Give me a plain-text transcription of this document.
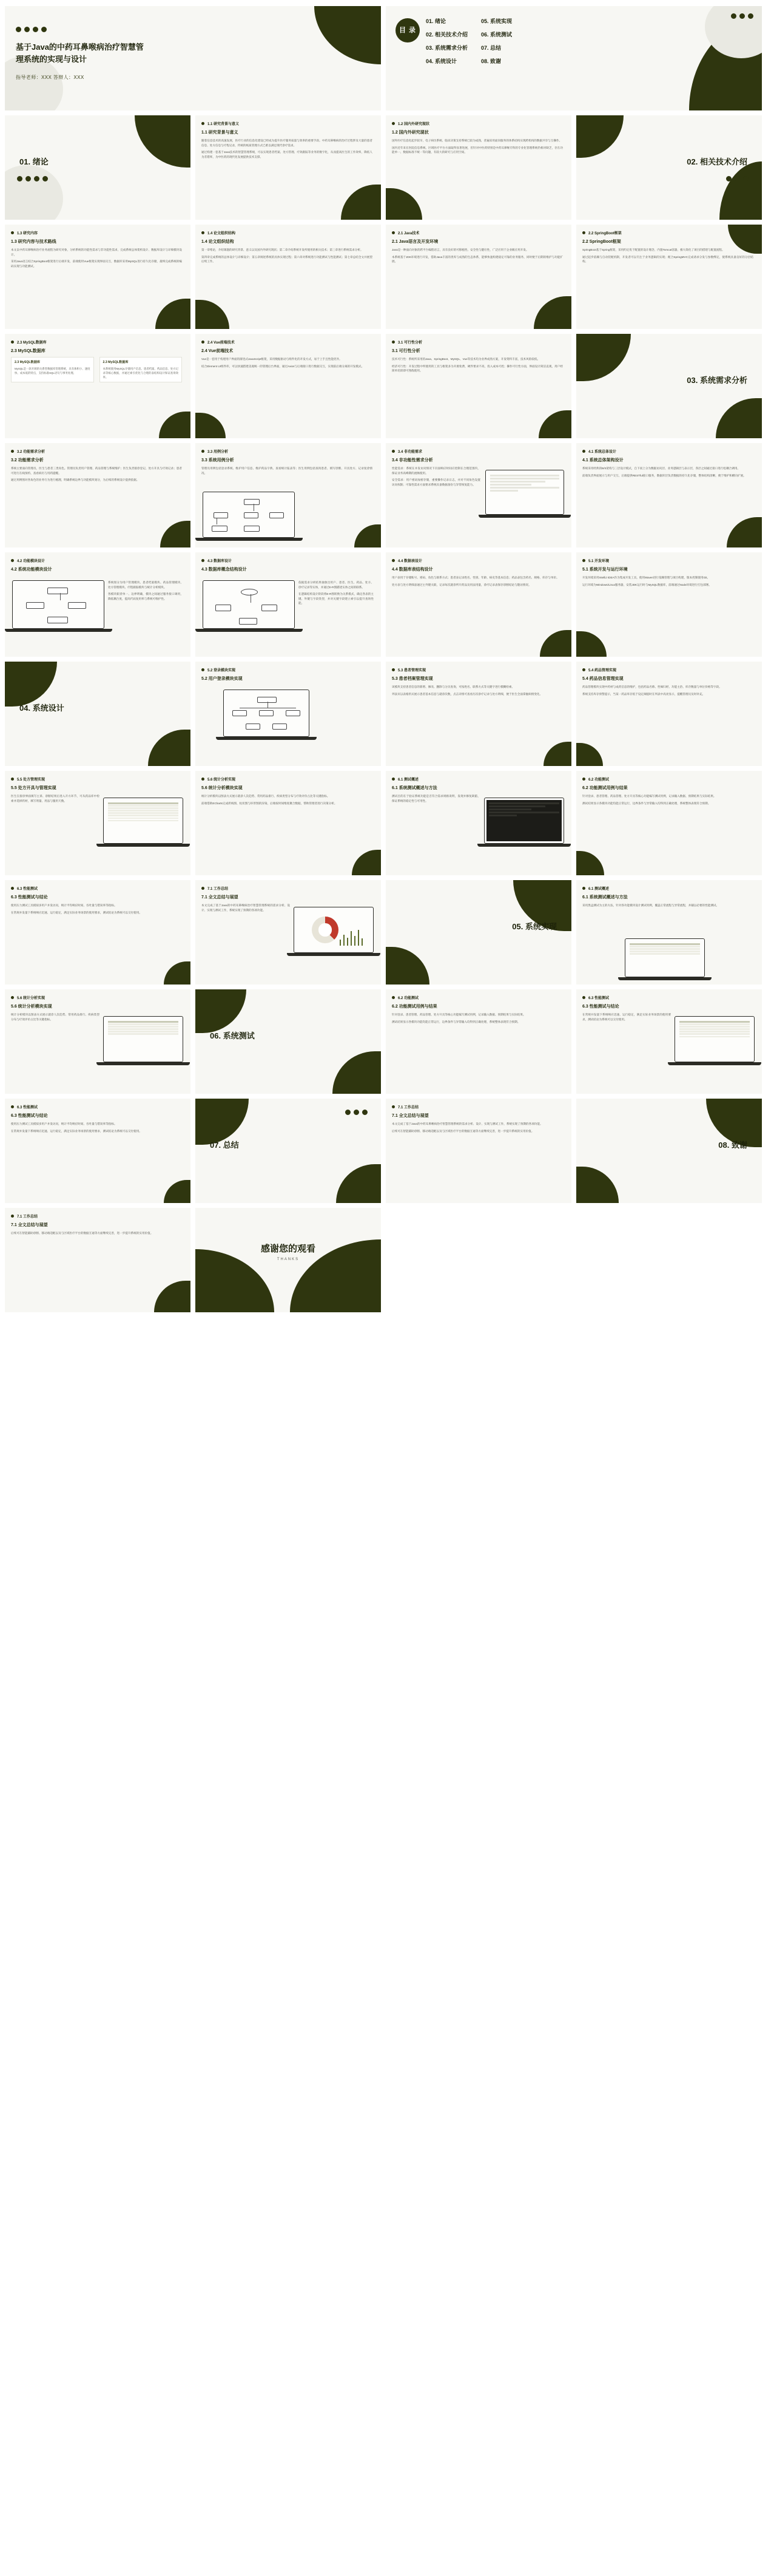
基于Java的中药耳鼻喉病治疗智慧管理系统的实现与设计
指导老师：XXX 答辩人：XXX
目 录
01. 绪论
02. 相关技术介绍
03. 系统需求分析
04. 系统设计
05. 系统实现
06. 系统测试
07. 总结
08. 致谢
01. 绪论
1.1 研究背景与意义
1.1 研究背景与意义

随着信息技术的高速发展，医疗行业的信息化建设已经成为提升医疗服务质量与效率的重要手段。中药耳鼻喉病的治疗过程涉及大量的患者信息、处方信息与疗程记录，传统的纸质管理方式已难以满足现代诊疗需求。

通过构建一套基于Java技术的智慧管理系统，可以实现患者档案、处方管理、疗效跟踪等业务的数字化，从而提高医生的工作效率，降低人为差错率，为中医药的现代化发展提供技术支撑。

1.2 国内外研究现状
1.2 国内外研究现状

国外医疗信息化起步较早，电子病历系统、临床决策支持系统已较为成熟，普遍采用面向服务的体系结构实现跨机构的数据共享与互操作。

国内近年来在医院信息系统、区域医疗平台方面取得显著进展，但针对中医药特别是中药耳鼻喉专科的专业化管理系统仍相对缺乏，存在功能单一、数据标准不统一等问题，有较大的研究与应用空间。

02. 相关技术介绍
1.3 研究内容
1.3 研究内容与技术路线

本文以中药耳鼻喉病治疗业务流程为研究对象，分析系统的功能性需求与非功能性需求，完成系统总体架构设计、数据库设计与详细模块设计。

采用Java语言结合SpringBoot框架进行后端开发，前端使用Vue框架实现界面交互，数据库采用MySQL进行持久化存储，最终完成系统的编码实现与功能测试。

1.4 论文组织结构
1.4 论文组织结构

第一章绪论，介绍课题的研究背景、意义以及国内外研究现状；第二章介绍系统开发所使用的相关技术；第三章进行系统需求分析。

第四章完成系统的总体设计与详细设计；第五章阐述系统的具体实现过程；第六章对系统进行功能测试与性能测试；第七章总结全文并展望后续工作。

2.1 Java技术
2.1 Java语言及开发环境

Java是一种面向对象的跨平台编程语言，具有良好的可移植性、安全性与健壮性，广泛应用于企业级应用开发。

本系统基于JDK环境进行开发，借助Java丰富的类库与成熟的生态体系，能够快速构建稳定可靠的业务服务，同时便于后期的维护与功能扩展。

2.2 SpringBoot框架
2.2 SpringBoot框架

SpringBoot基于Spring框架，采用约定优于配置的设计理念，内置Tomcat容器，极大简化了项目的搭建与配置流程。

通过起步依赖与自动装配机制，开发者可以专注于业务逻辑的实现；配合SpringMVC完成请求分发与参数绑定，使系统具备良好的分层结构。

2.3 MySQL数据库
2.3 MySQL数据库
2.3 MySQL数据库

MySQL是一款开源的关系型数据库管理系统，具有体积小、速度快、成本低的特点，支持标准SQL语句与事务处理。

2.3 MySQL数据库

本系统使用MySQL存储用户信息、患者档案、药品信息、处方记录等核心数据，并通过索引优化与合理的表结构设计保证查询效率。

2.4 Vue前端技术
2.4 Vue前端技术

Vue是一套用于构建用户界面的渐进式JavaScript框架，采用数据驱动与组件化的开发方式，易于上手且性能优异。

结合Element UI组件库，可以快速搭建美观统一的管理后台界面，通过Axios与后端接口进行数据交互，实现前后端分离的开发模式。

3.1 可行性分析
3.1 可行性分析

技术可行性：系统所采用的Java、SpringBoot、MySQL、Vue等技术均为业界成熟方案，开发资料丰富，技术风险较低。

经济可行性：开发过程中所使用的工具与框架多为开源免费，硬件要求不高，投入成本可控；操作可行性方面，界面设计简洁直观，用户经简单培训即可熟练使用。

03. 系统需求分析
3.2 功能需求分析
3.2 功能需求分析

系统主要面向管理员、医生与患者三类角色。管理员负责用户管理、药品管理与系统维护；医生负责接诊登记、处方开具与疗效记录；患者可进行在线预约、查看病历与用药提醒。

通过用例图对各角色的业务行为进行梳理，明确系统边界与功能模块划分，为后续的系统设计提供依据。

3.3 用例分析
3.3 系统用例分析

管理员用例包括登录系统、维护用户信息、维护药品字典、查看统计报表等；医生用例包括查询患者、填写诊断、开具处方、记录复诊情况。

3.4 非功能需求
3.4 非功能性需求分析

性能需求：系统在并发访问情况下页面响应时间应控制在合理范围内，保证业务高峰期的流畅使用。

安全需求：用户密码加密存储，重要操作记录日志，并对不同角色设置访问权限；可靠性需求方面要求系统具备数据备份与异常恢复能力。

4.1 系统总体设计
4.1 系统总体架构设计

系统采用经典的B/S架构与三层设计模式，自下而上分为数据访问层、业务逻辑层与表示层，各层之间通过接口进行松耦合调用。

前端负责界面展示与用户交互，后端提供RESTful接口服务，数据库层负责数据的持久化存储，整体结构清晰，便于维护和横向扩展。

4.2 功能模块设计
4.2 系统功能模块设计

系统划分为用户管理模块、患者档案模块、药品管理模块、处方管理模块、疗程跟踪模块与统计分析模块。

各模块职责单一、边界明确，模块之间通过服务接口调用，降低耦合度，提高代码复用率与系统可维护性。

4.3 数据库设计
4.3 数据库概念结构设计

依据需求分析结果抽象出用户、患者、医生、药品、处方、诊疗记录等实体，并通过E-R图描述实体之间的联系。

在逻辑结构设计阶段将E-R图转换为关系模式，确定各表的主键、外键与字段类型，并对关键字段建立索引以提升查询性能。

4.4 数据表设计
4.4 数据库表结构设计

用户表用于存储账号、密码、角色与联系方式；患者表记录姓名、性别、年龄、病史等基本信息；药品表包含药名、规格、库存与单价。

处方表与处方明细表通过主外键关联，记录每次就诊所开药品及用法用量，诊疗记录表保存诊断结论与随访情况。

5.1 开发环境
5.1 系统开发与运行环境

开发环境采用IntelliJ IDEA作为集成开发工具，使用Maven进行依赖管理与项目构建，版本控制使用Git。

运行环境为Windows/Linux服务器，安装JDK运行时与MySQL数据库，前端通过Node环境进行打包部署。

04. 系统设计
5.2 登录模块实现
5.2 用户登录模块实现
5.3 患者管理实现
5.3 患者档案管理实现

该模块支持患者信息的新增、修改、删除与分页查询，可按姓名、联系方式等关键字进行模糊检索。

列表页以表格形式展示患者基本信息与就诊次数，点击详情可查看历次诊疗记录与处方明细，便于医生全面掌握病情变化。

5.4 药品管理实现
5.4 药品信息管理实现

药品管理模块实现中药材与成药信息的维护，包括药品名称、性味归经、功能主治、库存数量与单位价格等字段。

系统支持库存预警提示，当某一药品库存低于设定阈值时在列表中高亮显示，提醒管理员及时补充。

5.5 处方管理实现
5.5 处方开具与管理实现

医生在接诊界面填写主诉、诊断结果后进入开方环节，可从药品库中检索并选择药材，填写剂量、用法与服用天数。

5.6 统计分析实现
5.6 统计分析模块实现

统计分析模块以图表方式展示就诊人次趋势、常用药品排行、疾病类型分布与疗效评价占比等关键指标。

前端借助ECharts完成折线图、柱状图与环形图的渲染，后端按时间维度聚合数据，帮助管理者进行决策分析。

6.1 测试概述
6.1 系统测试概述与方法

测试目的在于验证系统功能是否符合需求规格说明，发现并修复缺陷，保证系统的稳定性与可用性。

6.2 功能测试
6.2 功能测试用例与结果

针对登录、患者管理、药品管理、处方开具等核心功能编写测试用例，记录输入数据、预期结果与实际结果。

测试结果显示各模块功能均能正常运行，边界条件与异常输入均得到正确处理，系统整体表现符合预期。

6.3 性能测试
6.3 性能测试与结论

使用压力测试工具模拟多用户并发访问，统计平均响应时间、吞吐量与错误率等指标。

在常规并发量下系统响应迅速、运行稳定，满足实际业务场景的使用要求，测试结论为系统可以交付使用。

7.1 工作总结
7.1 全文总结与展望

本文完成了基于Java的中药耳鼻喉病治疗智慧管理系统的需求分析、设计、实现与测试工作，系统实现了预期的各项功能。

05. 系统实现
6.1 测试概述
6.1 系统测试概述与方法

采用黑盒测试为主的方法，针对各功能模块设计测试用例，覆盖正常流程与异常流程，并辅以必要的性能测试。

5.6 统计分析实现
5.6 统计分析模块实现

统计分析模块以图表方式展示就诊人次趋势、常用药品排行、疾病类型分布与疗效评价占比等关键指标。

06. 系统测试
6.2 功能测试
6.2 功能测试用例与结果

针对登录、患者管理、药品管理、处方开具等核心功能编写测试用例，记录输入数据、预期结果与实际结果。

测试结果显示各模块功能均能正常运行，边界条件与异常输入均得到正确处理，系统整体表现符合预期。

6.3 性能测试
6.3 性能测试与结论

在常规并发量下系统响应迅速、运行稳定，满足实际业务场景的使用要求，测试结论为系统可以交付使用。

6.3 性能测试
6.3 性能测试与结论

使用压力测试工具模拟多用户并发访问，统计平均响应时间、吞吐量与错误率等指标。

在常规并发量下系统响应迅速、运行稳定，满足实际业务场景的使用要求，测试结论为系统可以交付使用。

07. 总结
7.1 工作总结
7.1 全文总结与展望

本文完成了基于Java的中药耳鼻喉病治疗智慧管理系统的需求分析、设计、实现与测试工作，系统实现了预期的各项功能。

后续可在智能辅助诊断、移动端适配以及与区域医疗平台的数据互通等方面继续完善，进一步提升系统的实用价值。

08. 致谢
7.1 工作总结
7.1 全文总结与展望

后续可在智能辅助诊断、移动端适配以及与区域医疗平台的数据互通等方面继续完善，进一步提升系统的实用价值。

感谢您的观看
THANKS
